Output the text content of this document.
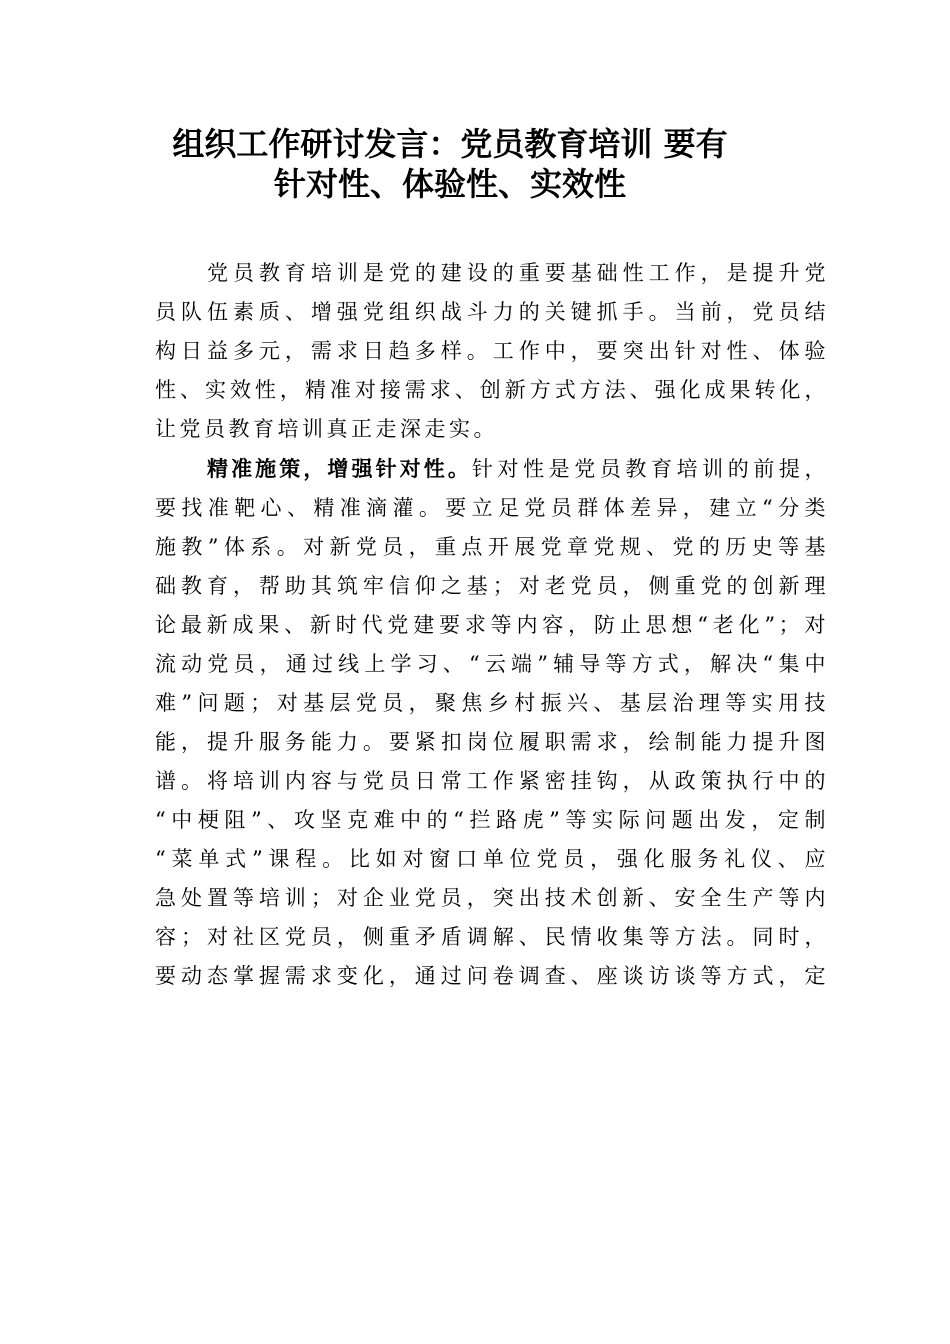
组织工作研讨发言：党员教育培训 要有
针对性、体验性、实效性
党员教育培训是党的建设的重要基础性工作，是提升党
员队伍素质、增强党组织战斗力的关键抓手。当前，党员结
构日益多元，需求日趋多样。工作中，要突出针对性、体验
性、实效性，精准对接需求、创新方式方法、强化成果转化，
让党员教育培训真正走深走实。
精准施策，增强针对性。针对性是党员教育培训的前提，
要找准靶心、精准滴灌。要立足党员群体差异，建立“分类
施教”体系。对新党员，重点开展党章党规、党的历史等基
础教育，帮助其筑牢信仰之基；对老党员，侧重党的创新理
论最新成果、新时代党建要求等内容，防止思想“老化”；对
流动党员，通过线上学习、“云端”辅导等方式，解决“集中
难”问题；对基层党员，聚焦乡村振兴、基层治理等实用技
能，提升服务能力。要紧扣岗位履职需求，绘制能力提升图
谱。将培训内容与党员日常工作紧密挂钩，从政策执行中的
“中梗阻”、攻坚克难中的“拦路虎”等实际问题出发，定制
“菜单式”课程。比如对窗口单位党员，强化服务礼仪、应
急处置等培训；对企业党员，突出技术创新、安全生产等内
容；对社区党员，侧重矛盾调解、民情收集等方法。同时，
要动态掌握需求变化，通过问卷调查、座谈访谈等方式，定
